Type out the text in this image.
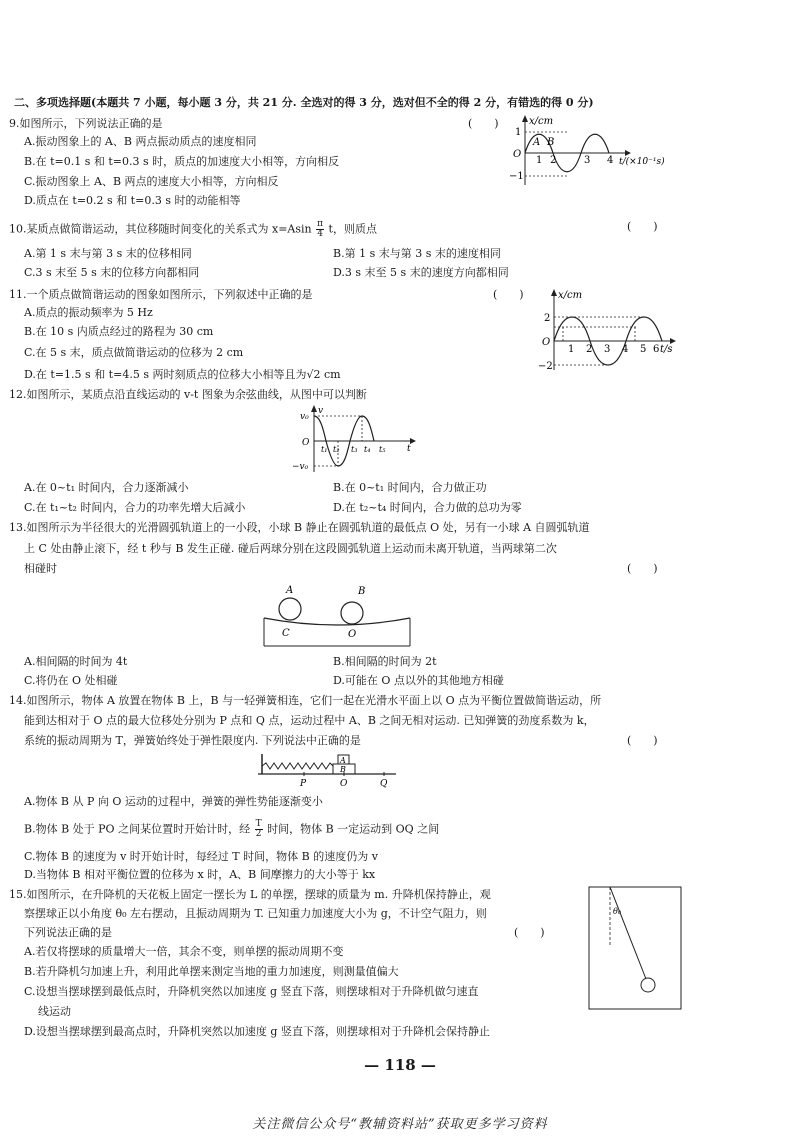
二、多项选择题(本题共 7 小题，每小题 3 分，共 21 分. 全选对的得 3 分，选对但不全的得 2 分，有错选的得 0 分)
9.如图所示，下列说法正确的是	(　　)
A.振动图象上的 A、B 两点振动质点的速度相同
B.在 t=0.1 s 和 t=0.3 s 时，质点的加速度大小相等，方向相反
C.振动图象上 A、B 两点的速度大小相等，方向相反
D.质点在 t=0.2 s 和 t=0.3 s 时的动能相等
x/cm
O
1
−1
A B
1 2	3 4 t/(×10⁻¹s)
10.某质点做简谐运动，其位移随时间变化的关系式为 $x=Asin \frac{\pi}{4}$ t，则质点	(　　)
A.第 1 s 末与第 3 s 末的位移相同	B.第 1 s 末与第 3 s 末的速度相同
C.3 s 末至 5 s 末的位移方向都相同	D.3 s 末至 5 s 末的速度方向都相同
11.一个质点做简谐运动的图象如图所示，下列叙述中正确的是	(　　)
A.质点的振动频率为 5 Hz
B.在 10 s 内质点经过的路程为 30 cm
C.在 5 s 末，质点做简谐运动的位移为 2 cm
D.在 t=1.5 s 和 t=4.5 s 两时刻质点的位移大小相等且为√2 cm
x/cm
O
2
−2
1 2 3 4 5 6 t/s
12.如图所示，某质点沿直线运动的 v-t 图象为余弦曲线，从图中可以判断
v
v₀
O
−v₀
t₁ t₂ t₃ t₄ t₅ t
A.在 0~t₁ 时间内，合力逐渐减小	B.在 0~t₁ 时间内，合力做正功
C.在 t₁~t₂ 时间内，合力的功率先增大后减小	D.在 t₂~t₄ 时间内，合力做的总功为零
13.如图所示为半径很大的光滑圆弧轨道上的一小段，小球 B 静止在圆弧轨道的最低点 O 处，另有一小球 A 自圆弧轨道
上 C 处由静止滚下，经 t 秒与 B 发生正碰. 碰后两球分别在这段圆弧轨道上运动而未离开轨道，当两球第二次
相碰时	(　　)
A	B
C	O
A.相间隔的时间为 4t	B.相间隔的时间为 2t
C.将仍在 O 处相碰	D.可能在 O 点以外的其他地方相碰
14.如图所示，物体 A 放置在物体 B 上，B 与一轻弹簧相连，它们一起在光滑水平面上以 O 点为平衡位置做简谐运动，所
能到达相对于 O 点的最大位移处分别为 P 点和 Q 点，运动过程中 A、B 之间无相对运动. 已知弹簧的劲度系数为 k，
系统的振动周期为 T，弹簧始终处于弹性限度内. 下列说法中正确的是	(　　)
A
B
P	O	Q
A.物体 B 从 P 向 O 运动的过程中，弹簧的弹性势能逐渐变小
B.物体 B 处于 PO 之间某位置时开始计时，经 $\frac{T}{2}$ 时间，物体 B 一定运动到 OQ 之间
C.物体 B 的速度为 v 时开始计时，每经过 T 时间，物体 B 的速度仍为 v
D.当物体 B 相对平衡位置的位移为 x 时，A、B 间摩擦力的大小等于 kx
15.如图所示，在升降机的天花板上固定一摆长为 L 的单摆，摆球的质量为 m. 升降机保持静止，观
察摆球正以小角度 θ₀ 左右摆动，且振动周期为 T. 已知重力加速度大小为 g，不计空气阻力，则
下列说法正确的是	(　　)
A.若仅将摆球的质量增大一倍，其余不变，则单摆的振动周期不变
B.若升降机匀加速上升，利用此单摆来测定当地的重力加速度，则测量值偏大
C.设想当摆球摆到最低点时，升降机突然以加速度 g 竖直下落，则摆球相对于升降机做匀速直
线运动
D.设想当摆球摆到最高点时，升降机突然以加速度 g 竖直下落，则摆球相对于升降机会保持静止
θ₀
— 118 —
关注微信公众号“教辅资料站”获取更多学习资料
